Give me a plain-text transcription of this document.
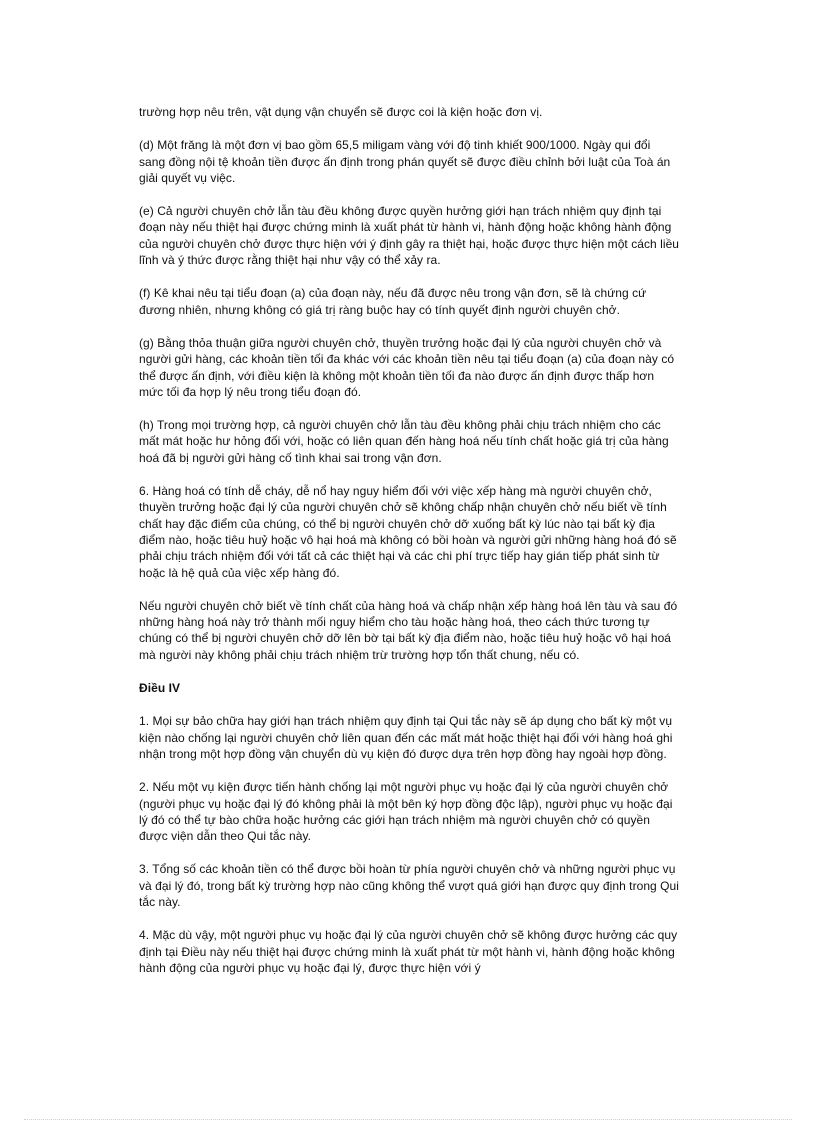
trường hợp nêu trên, vật dụng vận chuyển sẽ được coi là kiện hoặc đơn vị.

(d) Một frăng là một đơn vị bao gồm 65,5 miligam vàng với độ tinh khiết 900/1000. Ngày qui đổi sang đồng nội tệ khoản tiền được ấn định trong phán quyết sẽ được điều chỉnh bởi luật của Toà án giải quyết vụ việc.

(e) Cả người chuyên chở lẫn tàu đều không được quyền hưởng giới hạn trách nhiệm quy định tại đoạn này nếu thiệt hại được chứng minh là xuất phát từ hành vi, hành động hoặc không hành động của người chuyên chở được thực hiện với ý định gây ra thiệt hại, hoặc được thực hiện một cách liều lĩnh và ý thức được rằng thiệt hại như vậy có thể xảy ra.

(f) Kê khai nêu tại tiểu đoạn (a) của đoạn này, nếu đã được nêu trong vận đơn, sẽ là chứng cứ đương nhiên, nhưng không có giá trị ràng buộc hay có tính quyết định người chuyên chở.

(g) Bằng thỏa thuận giữa người chuyên chở, thuyền trưởng hoặc đại lý của người chuyên chở và người gửi hàng, các khoản tiền tối đa khác với các khoản tiền nêu tại tiểu đoạn (a) của đoạn này có thể được ấn định, với điều kiện là không một khoản tiền tối đa nào được ấn định được thấp hơn mức tối đa hợp lý nêu trong tiểu đoạn đó.

(h) Trong mọi trường hợp, cả người chuyên chở lẫn tàu đều không phải chịu trách nhiệm cho các mất mát hoặc hư hỏng đối với, hoặc có liên quan đến hàng hoá nếu tính chất hoặc giá trị của hàng hoá đã bị người gửi hàng cố tình khai sai trong vận đơn.

6. Hàng hoá có tính dễ cháy, dễ nổ hay nguy hiểm đối với việc xếp hàng mà người chuyên chở, thuyền trưởng hoặc đại lý của người chuyên chở sẽ không chấp nhận chuyên chở nếu biết về tính chất hay đặc điểm của chúng, có thể bị người chuyên chở dỡ xuống bất kỳ lúc nào tại bất kỳ địa điểm nào, hoặc tiêu huỷ hoặc vô hại hoá mà không có bồi hoàn và người gửi những hàng hoá đó sẽ phải chịu trách nhiệm đối với tất cả các thiệt hại và các chi phí trực tiếp hay gián tiếp phát sinh từ hoặc là hệ quả của việc xếp hàng đó.

Nếu người chuyên chở biết về tính chất của hàng hoá và chấp nhận xếp hàng hoá lên tàu và sau đó những hàng hoá này trở thành mối nguy hiểm cho tàu hoặc hàng hoá, theo cách thức tương tự chúng có thể bị người chuyên chở dỡ lên bờ tại bất kỳ địa điểm nào, hoặc tiêu huỷ hoặc vô hại hoá mà người này không phải chịu trách nhiệm trừ trường hợp tổn thất chung, nếu có.

Điều IV

1. Mọi sự bảo chữa hay giới hạn trách nhiệm quy định tại Qui tắc này sẽ áp dụng cho bất kỳ một vụ kiện nào chống lại người chuyên chở liên quan đến các mất mát hoặc thiệt hại đối với hàng hoá ghi nhận trong một hợp đồng vận chuyển dù vụ kiện đó được dựa trên hợp đồng hay ngoài hợp đồng.

2. Nếu một vụ kiện được tiến hành chống lại một người phục vụ hoặc đại lý của người chuyên chở (người phục vụ hoặc đại lý đó không phải là một bên ký hợp đồng độc lập), người phục vụ hoặc đại lý đó có thể tự bào chữa hoặc hưởng các giới hạn trách nhiệm mà người chuyên chở có quyền được viện dẫn theo Qui tắc này.

3. Tổng số các khoản tiền có thể được bồi hoàn từ phía người chuyên chở và những người phục vụ và đại lý đó, trong bất kỳ trường hợp nào cũng không thể vượt quá giới hạn được quy định trong Qui tắc này.

4. Mặc dù vậy, một người phục vụ hoặc đại lý của người chuyên chở sẽ không được hưởng các quy định tại Điều này nếu thiệt hại được chứng minh là xuất phát từ một hành vi, hành động hoặc không hành động của người phục vụ hoặc đại lý, được thực hiện với ý
